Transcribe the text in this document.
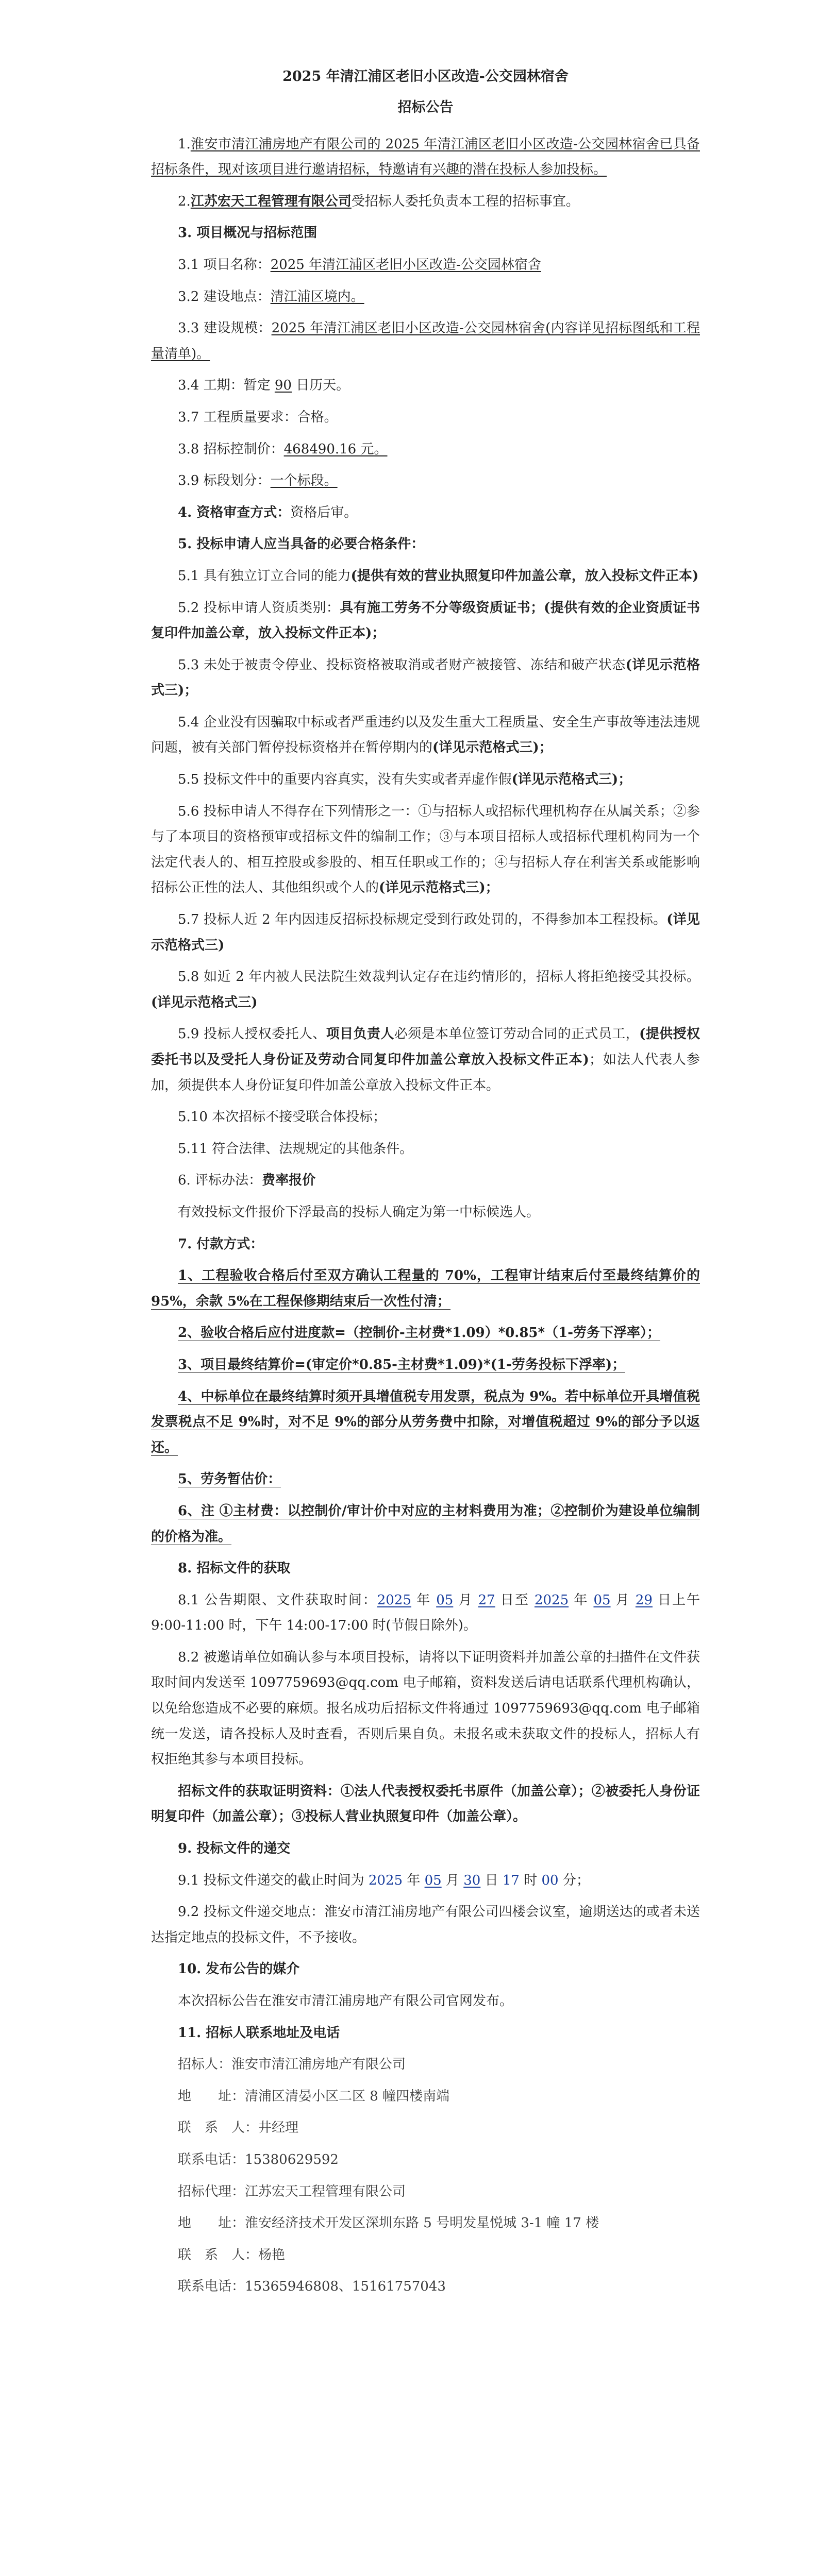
2025 年清江浦区老旧小区改造-公交园林宿舍
招标公告

1.淮安市清江浦房地产有限公司的 2025 年清江浦区老旧小区改造-公交园林宿舍已具备招标条件，现对该项目进行邀请招标，特邀请有兴趣的潜在投标人参加投标。

2.江苏宏天工程管理有限公司受招标人委托负责本工程的招标事宜。

3. 项目概况与招标范围

3.1 项目名称：2025 年清江浦区老旧小区改造-公交园林宿舍

3.2 建设地点：清江浦区境内。

3.3 建设规模：2025 年清江浦区老旧小区改造-公交园林宿舍(内容详见招标图纸和工程量清单)。

3.4 工期：暂定 90 日历天。

3.7 工程质量要求：合格。

3.8 招标控制价：468490.16 元。

3.9 标段划分：一个标段。

4. 资格审查方式：资格后审。

5. 投标申请人应当具备的必要合格条件：

5.1 具有独立订立合同的能力(提供有效的营业执照复印件加盖公章，放入投标文件正本)

5.2 投标申请人资质类别：具有施工劳务不分等级资质证书；(提供有效的企业资质证书复印件加盖公章，放入投标文件正本)；

5.3 未处于被责令停业、投标资格被取消或者财产被接管、冻结和破产状态(详见示范格式三)；

5.4 企业没有因骗取中标或者严重违约以及发生重大工程质量、安全生产事故等违法违规问题，被有关部门暂停投标资格并在暂停期内的(详见示范格式三)；

5.5 投标文件中的重要内容真实，没有失实或者弄虚作假(详见示范格式三)；

5.6 投标申请人不得存在下列情形之一：①与招标人或招标代理机构存在从属关系；②参与了本项目的资格预审或招标文件的编制工作；③与本项目招标人或招标代理机构同为一个法定代表人的、相互控股或参股的、相互任职或工作的；④与招标人存在利害关系或能影响招标公正性的法人、其他组织或个人的(详见示范格式三)；

5.7 投标人近 2 年内因违反招标投标规定受到行政处罚的，不得参加本工程投标。(详见示范格式三)

5.8 如近 2 年内被人民法院生效裁判认定存在违约情形的，招标人将拒绝接受其投标。(详见示范格式三)

5.9 投标人授权委托人、项目负责人必须是本单位签订劳动合同的正式员工，(提供授权委托书以及受托人身份证及劳动合同复印件加盖公章放入投标文件正本)；如法人代表人参加，须提供本人身份证复印件加盖公章放入投标文件正本。

5.10 本次招标不接受联合体投标；

5.11 符合法律、法规规定的其他条件。

6. 评标办法：费率报价

有效投标文件报价下浮最高的投标人确定为第一中标候选人。

7. 付款方式：

1、工程验收合格后付至双方确认工程量的 70%，工程审计结束后付至最终结算价的 95%，余款 5%在工程保修期结束后一次性付清；

2、验收合格后应付进度款=（控制价-主材费*1.09）*0.85*（1-劳务下浮率）；

3、项目最终结算价=(审定价*0.85-主材费*1.09)*(1-劳务投标下浮率)；

4、中标单位在最终结算时须开具增值税专用发票，税点为 9%。若中标单位开具增值税发票税点不足 9%时，对不足 9%的部分从劳务费中扣除，对增值税超过 9%的部分予以返还。

5、劳务暂估价：

6、注 ①主材费：以控制价/审计价中对应的主材料费用为准；②控制价为建设单位编制的价格为准。

8. 招标文件的获取

8.1 公告期限、文件获取时间：2025 年 05 月 27 日至 2025 年 05 月 29 日上午 9:00-11:00 时，下午 14:00-17:00 时(节假日除外)。

8.2 被邀请单位如确认参与本项目投标，请将以下证明资料并加盖公章的扫描件在文件获取时间内发送至 1097759693@qq.com 电子邮箱，资料发送后请电话联系代理机构确认，以免给您造成不必要的麻烦。报名成功后招标文件将通过 1097759693@qq.com 电子邮箱统一发送，请各投标人及时查看，否则后果自负。未报名或未获取文件的投标人，招标人有权拒绝其参与本项目投标。

招标文件的获取证明资料：①法人代表授权委托书原件（加盖公章）；②被委托人身份证明复印件（加盖公章）；③投标人营业执照复印件（加盖公章）。

9. 投标文件的递交

9.1 投标文件递交的截止时间为 2025 年 05 月 30 日 17 时 00 分；

9.2 投标文件递交地点：淮安市清江浦房地产有限公司四楼会议室，逾期送达的或者未送达指定地点的投标文件，不予接收。

10. 发布公告的媒介

本次招标公告在淮安市清江浦房地产有限公司官网发布。

11. 招标人联系地址及电话

招标人：淮安市清江浦房地产有限公司

地　　址：清浦区清晏小区二区 8 幢四楼南端

联　系　人：井经理

联系电话：15380629592

招标代理：江苏宏天工程管理有限公司

地　　址：淮安经济技术开发区深圳东路 5 号明发星悦城 3-1 幢 17 楼

联　系　人：杨艳

联系电话：15365946808、15161757043
